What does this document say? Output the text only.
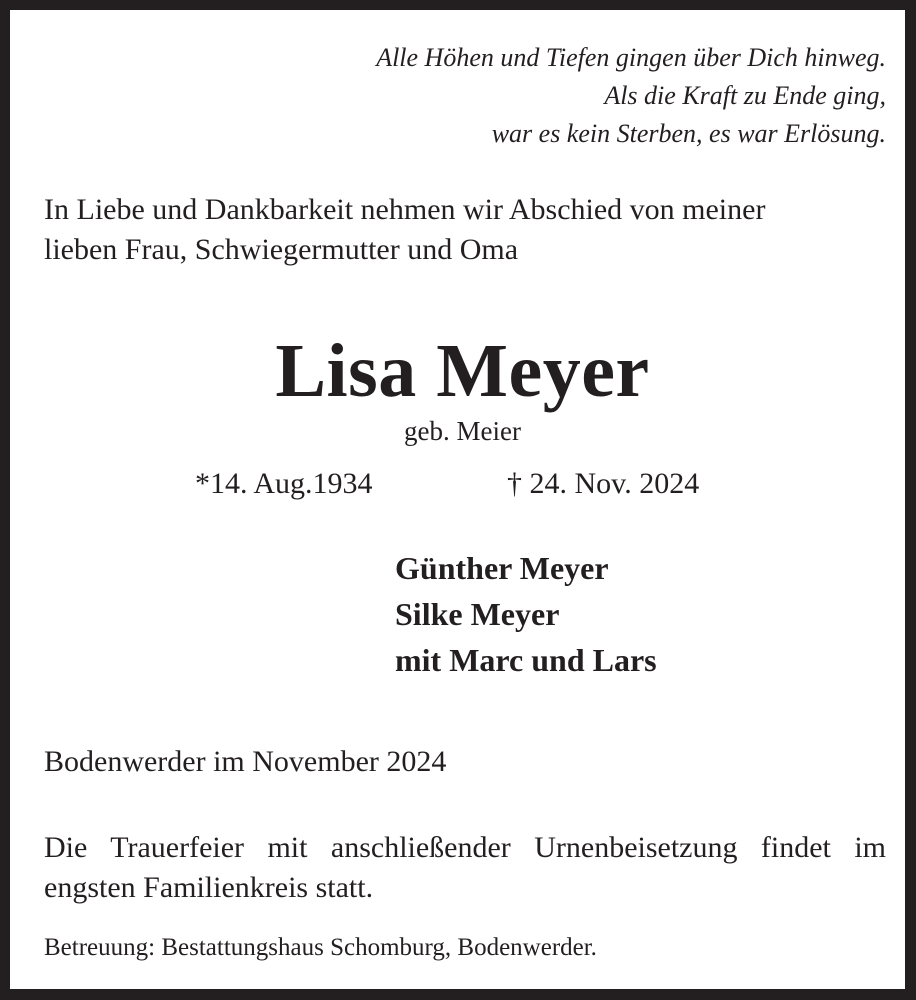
Alle Höhen und Tiefen gingen über Dich hinweg.
Als die Kraft zu Ende ging,
war es kein Sterben, es war Erlösung.
In Liebe und Dankbarkeit nehmen wir Abschied von meiner
lieben Frau, Schwiegermutter und Oma
Lisa Meyer
geb. Meier
*14. Aug.1934	† 24. Nov. 2024
Günther Meyer
Silke Meyer
mit Marc und Lars
Bodenwerder im November 2024
Die Trauerfeier mit anschließender Urnenbeisetzung findet im engsten Familienkreis statt.
Betreuung: Bestattungshaus Schomburg, Bodenwerder.
